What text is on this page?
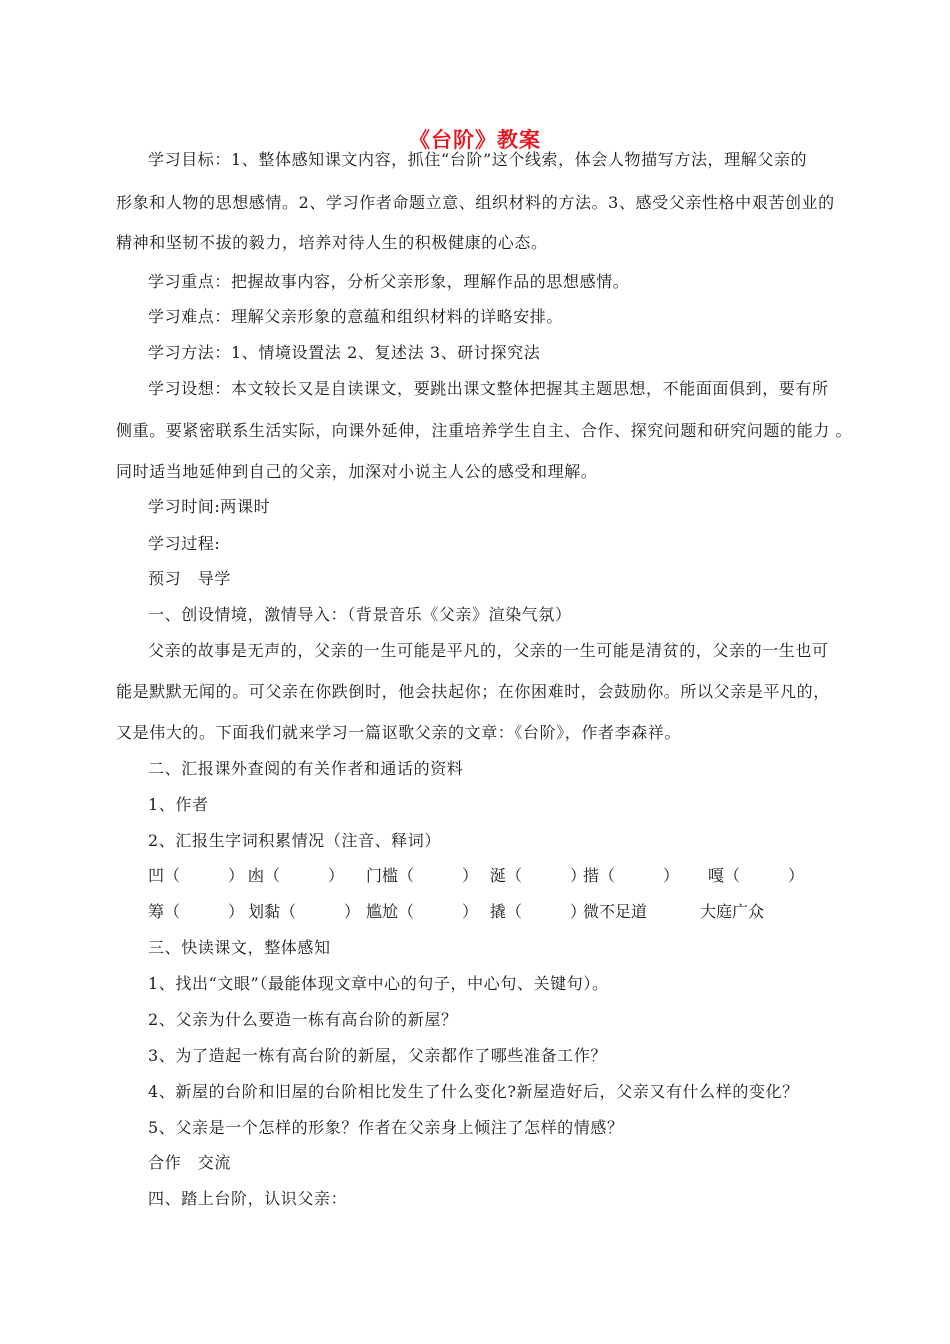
《台阶》教案
学习目标：1、整体感知课文内容，抓住“台阶”这个线索，体会人物描写方法，理解父亲的
形象和人物的思想感情。2、学习作者命题立意、组织材料的方法。3、感受父亲性格中艰苦创业的
精神和坚韧不拔的毅力，培养对待人生的积极健康的心态。
学习重点：把握故事内容，分析父亲形象，理解作品的思想感情。
学习难点：理解父亲形象的意蕴和组织材料的详略安排。
学习方法：1、情境设置法 2、复述法 3、研讨探究法
学习设想：本文较长又是自读课文，要跳出课文整体把握其主题思想，不能面面俱到，要有所
侧重。要紧密联系生活实际，向课外延伸，注重培养学生自主、合作、探究问题和研究问题的能力 。
同时适当地延伸到自己的父亲，加深对小说主人公的感受和理解。
学习时间:两课时
学习过程:
预习　导学
一、创设情境，激情导入：（背景音乐《父亲》渲染气氛）
父亲的故事是无声的，父亲的一生可能是平凡的，父亲的一生可能是清贫的，父亲的一生也可
能是默默无闻的。可父亲在你跌倒时，他会扶起你；在你困难时，会鼓励你。所以父亲是平凡的，
又是伟大的。下面我们就来学习一篇讴歌父亲的文章：《台阶》，作者李森祥。
二、汇报课外查阅的有关作者和通话的资料
1、作者
2、汇报生字词积累情况（注音、释词）
凹（　　　） 凼（　　　） 门槛（　　　） 涎（　　　）
揩（　　　） 嘎（　　　）
筹（　　　） 划黏（　　　） 尴尬（　　　） 撬（　　　）
微不足道	大庭广众
三、快读课文，整体感知
1、找出“文眼”（最能体现文章中心的句子，中心句、关键句）。
2、父亲为什么要造一栋有高台阶的新屋？
3、为了造起一栋有高台阶的新屋，父亲都作了哪些准备工作？
4、新屋的台阶和旧屋的台阶相比发生了什么变化?新屋造好后，父亲又有什么样的变化？
5、父亲是一个怎样的形象？作者在父亲身上倾注了怎样的情感？
合作　交流
四、踏上台阶，认识父亲：
